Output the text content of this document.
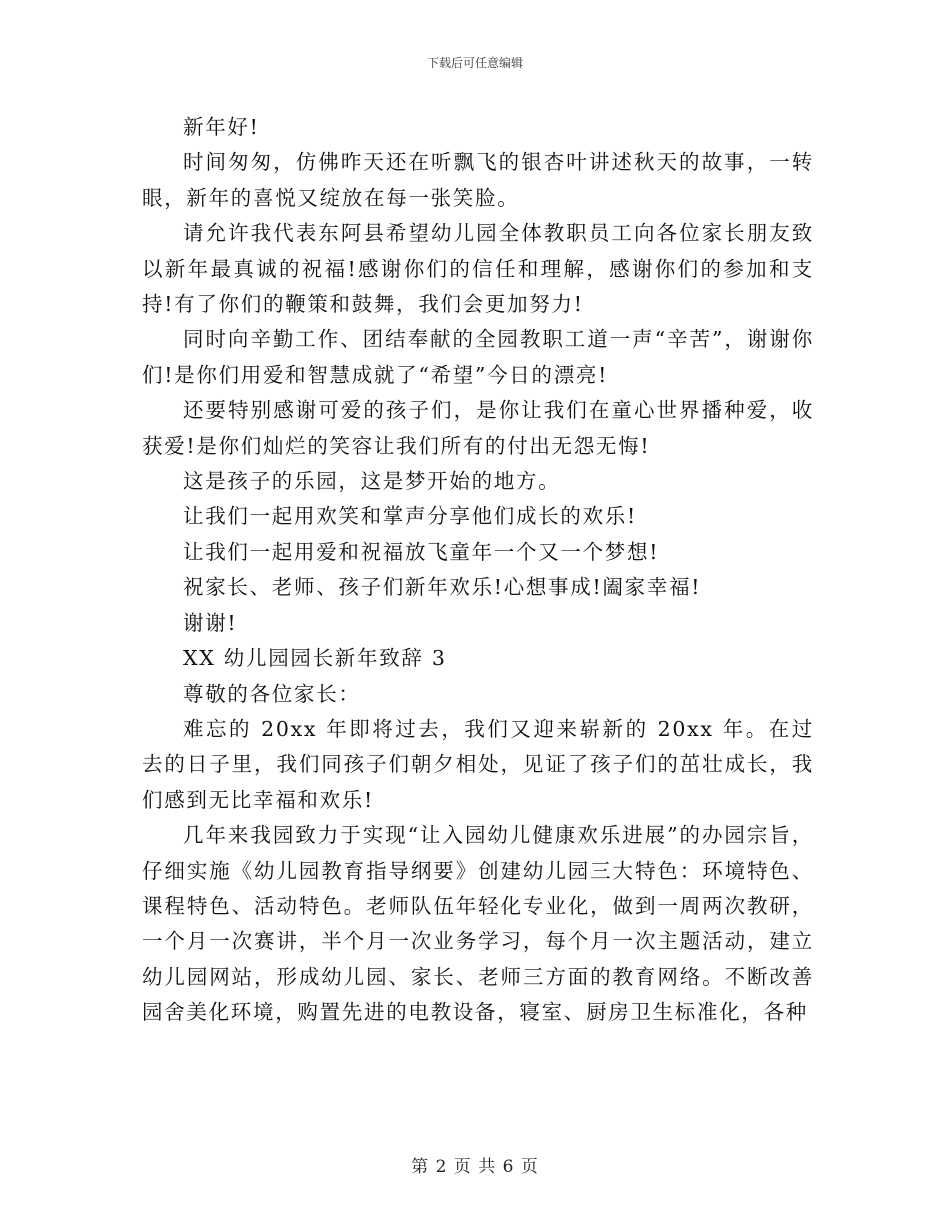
下载后可任意编辑

新年好!

时间匆匆，仿佛昨天还在听飘飞的银杏叶讲述秋天的故事，一转眼，新年的喜悦又绽放在每一张笑脸。

请允许我代表东阿县希望幼儿园全体教职员工向各位家长朋友致以新年最真诚的祝福!感谢你们的信任和理解，感谢你们的参加和支持!有了你们的鞭策和鼓舞，我们会更加努力!

同时向辛勤工作、团结奉献的全园教职工道一声“辛苦”，谢谢你们!是你们用爱和智慧成就了“希望”今日的漂亮!

还要特别感谢可爱的孩子们，是你让我们在童心世界播种爱，收获爱!是你们灿烂的笑容让我们所有的付出无怨无悔!

这是孩子的乐园，这是梦开始的地方。

让我们一起用欢笑和掌声分享他们成长的欢乐!

让我们一起用爱和祝福放飞童年一个又一个梦想!

祝家长、老师、孩子们新年欢乐!心想事成!阖家幸福!

谢谢!

XX 幼儿园园长新年致辞 3

尊敬的各位家长：

难忘的 20xx 年即将过去，我们又迎来崭新的 20xx 年。在过去的日子里，我们同孩子们朝夕相处，见证了孩子们的茁壮成长，我们感到无比幸福和欢乐!

几年来我园致力于实现“让入园幼儿健康欢乐进展”的办园宗旨，仔细实施《幼儿园教育指导纲要》创建幼儿园三大特色：环境特色、课程特色、活动特色。老师队伍年轻化专业化，做到一周两次教研，一个月一次赛讲，半个月一次业务学习，每个月一次主题活动，建立幼儿园网站，形成幼儿园、家长、老师三方面的教育网络。不断改善园舍美化环境，购置先进的电教设备，寝室、厨房卫生标准化，各种

第 2 页 共 6 页
